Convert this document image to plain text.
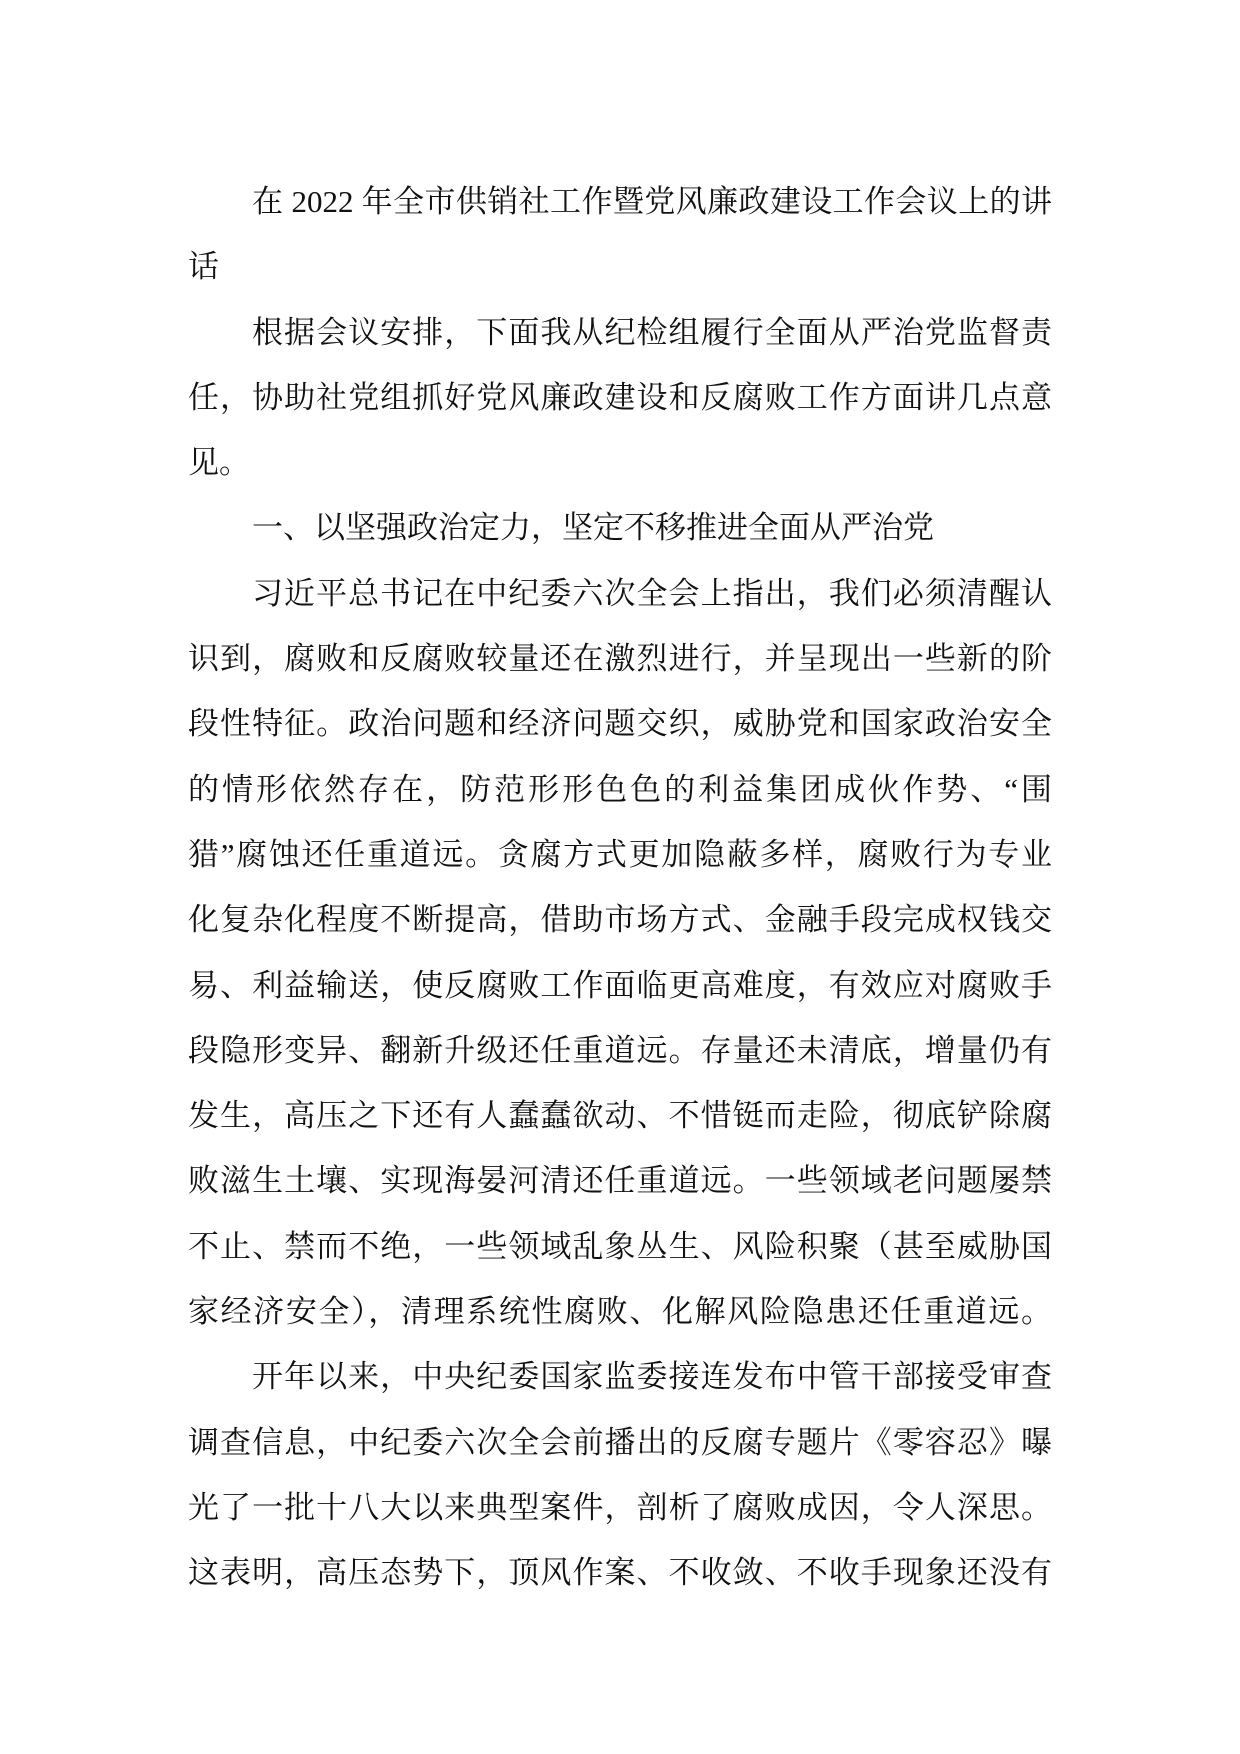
在 2022 年全市供销社工作暨党风廉政建设工作会议上的讲
话
根据会议安排，下面我从纪检组履行全面从严治党监督责
任，协助社党组抓好党风廉政建设和反腐败工作方面讲几点意
见。
一、以坚强政治定力，坚定不移推进全面从严治党
习近平总书记在中纪委六次全会上指出，我们必须清醒认
识到，腐败和反腐败较量还在激烈进行，并呈现出一些新的阶
段性特征。政治问题和经济问题交织，威胁党和国家政治安全
的情形依然存在，防范形形色色的利益集团成伙作势、“围
猎”腐蚀还任重道远。贪腐方式更加隐蔽多样，腐败行为专业
化复杂化程度不断提高，借助市场方式、金融手段完成权钱交
易、利益输送，使反腐败工作面临更高难度，有效应对腐败手
段隐形变异、翻新升级还任重道远。存量还未清底，增量仍有
发生，高压之下还有人蠢蠢欲动、不惜铤而走险，彻底铲除腐
败滋生土壤、实现海晏河清还任重道远。一些领域老问题屡禁
不止、禁而不绝，一些领域乱象丛生、风险积聚（甚至威胁国
家经济安全），清理系统性腐败、化解风险隐患还任重道远。
开年以来，中央纪委国家监委接连发布中管干部接受审查
调查信息，中纪委六次全会前播出的反腐专题片《零容忍》曝
光了一批十八大以来典型案件，剖析了腐败成因，令人深思。
这表明，高压态势下，顶风作案、不收敛、不收手现象还没有
